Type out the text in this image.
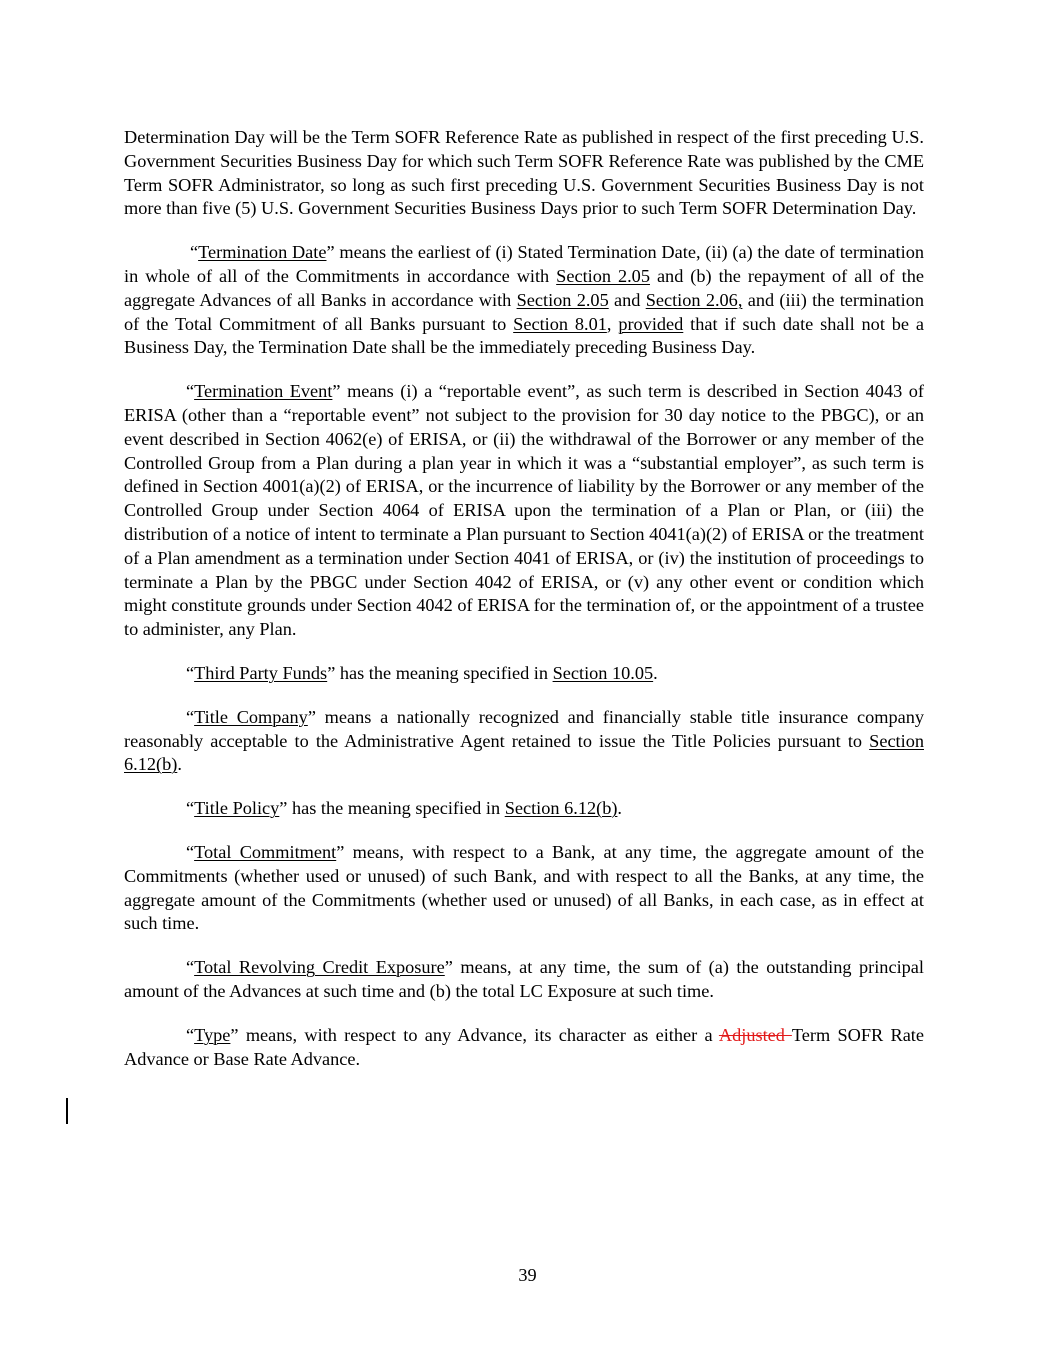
Determination Day will be the Term SOFR Reference Rate as published in respect of the first preceding U.S. Government Securities Business Day for which such Term SOFR Reference Rate was published by the CME Term SOFR Administrator, so long as such first preceding U.S. Government Securities Business Day is not more than five (5) U.S. Government Securities Business Days prior to such Term SOFR Determination Day.

“Termination Date” means the earliest of (i) Stated Termination Date, (ii) (a) the date of termination in whole of all of the Commitments in accordance with Section 2.05 and (b) the repayment of all of the aggregate Advances of all Banks in accordance with Section 2.05 and Section 2.06, and (iii) the termination of the Total Commitment of all Banks pursuant to Section 8.01, provided that if such date shall not be a Business Day, the Termination Date shall be the immediately preceding Business Day.

“Termination Event” means (i) a “reportable event”, as such term is described in Section 4043 of ERISA (other than a “reportable event” not subject to the provision for 30 day notice to the PBGC), or an event described in Section 4062(e) of ERISA, or (ii) the withdrawal of the Borrower or any member of the Controlled Group from a Plan during a plan year in which it was a “substantial employer”, as such term is defined in Section 4001(a)(2) of ERISA, or the incurrence of liability by the Borrower or any member of the Controlled Group under Section 4064 of ERISA upon the termination of a Plan or Plan, or (iii) the distribution of a notice of intent to terminate a Plan pursuant to Section 4041(a)(2) of ERISA or the treatment of a Plan amendment as a termination under Section 4041 of ERISA, or (iv) the institution of proceedings to terminate a Plan by the PBGC under Section 4042 of ERISA, or (v) any other event or condition which might constitute grounds under Section 4042 of ERISA for the termination of, or the appointment of a trustee to administer, any Plan.

“Third Party Funds” has the meaning specified in Section 10.05.

“Title Company” means a nationally recognized and financially stable title insurance company reasonably acceptable to the Administrative Agent retained to issue the Title Policies pursuant to Section 6.12(b).

“Title Policy” has the meaning specified in Section 6.12(b).

“Total Commitment” means, with respect to a Bank, at any time, the aggregate amount of the Commitments (whether used or unused) of such Bank, and with respect to all the Banks, at any time, the aggregate amount of the Commitments (whether used or unused) of all Banks, in each case, as in effect at such time.

“Total Revolving Credit Exposure” means, at any time, the sum of (a) the outstanding principal amount of the Advances at such time and (b) the total LC Exposure at such time.

“Type” means, with respect to any Advance, its character as either a Adjusted Term SOFR Rate Advance or Base Rate Advance.

39
